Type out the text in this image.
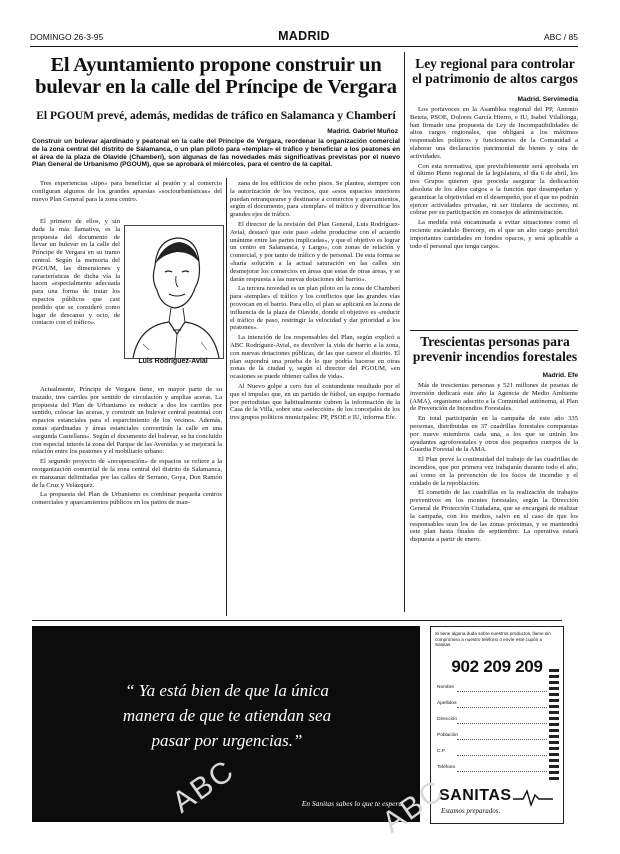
DOMINGO 26-3-95	MADRID	ABC / 85
El Ayuntamiento propone construir un
bulevar en la calle del Príncipe de Vergara
El PGOUM prevé, además, medidas de tráfico en Salamanca y Chamberí
Madrid. Gabriel Muñoz
Construir un bulevar ajardinado y peatonal en la calle del Príncipe de Vergara, reordenar la organización comercial de la zona central del distrito de Salamanca, o un plan piloto para «templar» el tráfico y beneficiar a los peatones en el área de la plaza de Olavide (Chamberí), son algunas de las novedades más significativas previstas por el nuevo Plan General de Urbanismo (PGOUM), que se aprobará el miércoles, para el centro de la capital.

Tres experiencias «tipo» para beneficiar al peatón y al comercio configuran algunos de los grandes apuestas «sociourbanísticas» del nuevo Plan General para la zona centro.

El primero de ellos, y sin duda la más llamativa, es la propuesta del documento de llevar un bulevar en la calle del Príncipe de Vergara en su tramo central. Según la memoria del PGOUM, las dimensiones y características de dicha vía la hacen «especialmente adecuada para una forma de tratar los espacios públicos que casi perdido que se consideró como lugar de descanso y ocio, de contacto con el tráfico».

Luis Rodríguez-Avial

Actualmente, Príncipe de Vergara tiene, en mayor parte de su trazado, tres carriles por sentido de circulación y amplias aceras. La propuesta del Plan de Urbanismo es reducir a dos los carriles por sentido, colocar las aceras, y construir un bulevar central peatonal con espacios estanciales para el esparcimiento de los vecinos. Además, zonas ajardinadas y áreas estanciales convertirán la calle en una «segunda Castellana». Según el documento del bulevar, se ha concluido con especial interés la zona del Parque de las Avenidas y se mejorará la relación entre los peatones y el mobiliario urbano.

El segundo proyecto de «recuperación» de espacios se refiere a la reorganización comercial de la zona central del distrito de Salamanca, es manzanas delimitadas por las calles de Serrano, Goya, Don Ramón de la Cruz y Velázquez.

La propuesta del Plan de Urbanismo es combinar pequeña centros comerciales y aparcamientos públicos en los patios de man-

zana de los edificios de ocho pisos. Se plantea, siempre con la autorización de los vecinos, que «esos espacios interiores puedan retranquearse y destinarse a comercios y aparcamientos, según el documento, para «templar» el tráfico y diversificar los grandes ejes de tráfico.

El director de la revisión del Plan General, Luis Rodríguez-Avial, destacó que este paso «debe producirse con el acuerdo unánime entre las partes implicadas», y que el objetivo es lograr un centro en Salamanca, y Largo», con zonas de relación y comercial, y por tanto de tráfico y de personal. De esta forma se «haría solución a la actual saturación en las calles sin desmejorar los comercios en áreas que estas de otras áreas, y se darán respuesta a las nuevas dotaciones del barrio».

La tercera novedad es un plan piloto en la zona de Chamberí para «templar» el tráfico y los conflictos que las grandes vías provocan en el barrio. Para ello, el plan se aplicará en la zona de influencia de la plaza de Olavide, donde el objetivo es «reducir el tráfico de paso, restringir la velocidad y dar prioridad a los peatones».

La intención de los responsables del Plan, según explicó a ABC Rodríguez-Avial, es devolver la vida de barrio a la zona, con nuevas dotaciones públicas, de las que carece el distrito. El plan supondrá una prueba de lo que podría hacerse en otras zonas de la ciudad y, según el director del PGOUM, «en ocasiones se puede obtener calles de vida».

Al Nuevo golpe a cero fue el contundente resultado por el que el impulso que, en un partido de fútbol, un equipo formado por periodistas que habitualmente cubren la información de la Casa de la Villa, sobre una «selección» de los concejales de los tres grupos políticos municipales: PP, PSOE e IU, informa Efe.

Ley regional para controlar el patrimonio de altos cargos
Madrid. Servimedia

Los portavoces en la Asamblea regional del PP, Antonio Beteta, PSOE, Dolores García Hierro, e IU, Isabel Vilallonga, han firmado una propuesta de Ley de Incompatibilidades de altos cargos regionales, que obligará a los máximos responsables políticos y funcionarios de la Comunidad a elaborar una declaración patrimonial de bienes y otra de actividades.

Con esta normativa, que previsiblemente será aprobada en el último Pleno regional de la legislatura, el día 6 de abril, los tres Grupos quieren que proceda asegurar la dedicación absoluta de los altos cargos a la función que desempeñan y garantizar la objetividad en el desempeño, por el que no podrán ejercer actividades privadas, ni ser titulares de acciones, ni cobrar por su participación en consejos de administración.

La medida está encaminada a evitar situaciones como el reciente escándalo Ibercorp, en el que un alto cargo percibió importantes cantidades en fondos opacos, y será aplicable a todo el personal que tenga cargos.

Trescientas personas para prevenir incendios forestales
Madrid. Efe

Más de trescientas personas y 521 millones de pesetas de inversión dedicará este año la Agencia de Medio Ambiente (AMA), organismo adscrito a la Comunidad autónoma, al Plan de Prevención de Incendios Forestales.

En total participarán en la campaña de este año 335 personas, distribuidas en 37 cuadrillas forestales compuestas por nueve miembros cada una, a los que se unirán los ayudantes agroforestales y otros dos pequeños cuerpos de la Guardia Forestal de la AMA.

El Plan prevé la continuidad del trabajo de las cuadrillas de incendios, que por primera vez trabajarán durante todo el año, así como en la prevención de los focos de incendio y el cuidado de la repoblación.

El cometido de las cuadrillas es la realización de trabajos preventivos en los montes forestales, según la Dirección General de Protección Ciudadana, que se encargará de realizar la campaña, con los medios, salvo en el caso de que los responsables sean los de las zonas próximas, y se mantendrá este plan hasta finales de septiembre. La operativa estará dispuesta a partir de enero.

“ Ya está bien de que la única
manera de que te atiendan sea
pasar por urgencias.”
En Sanitas sabes lo que te espera.
SANITAS 1995
Si tiene alguna duda sobre nuestros productos, llame sin compromiso a nuestro teléfono o envíe este cupón a Sanitas.
902 209 209
Nombre
Apellidos
Dirección
Población
C.P.
Teléfono
SANITAS
Estamos preparados.
ABC	ABC
